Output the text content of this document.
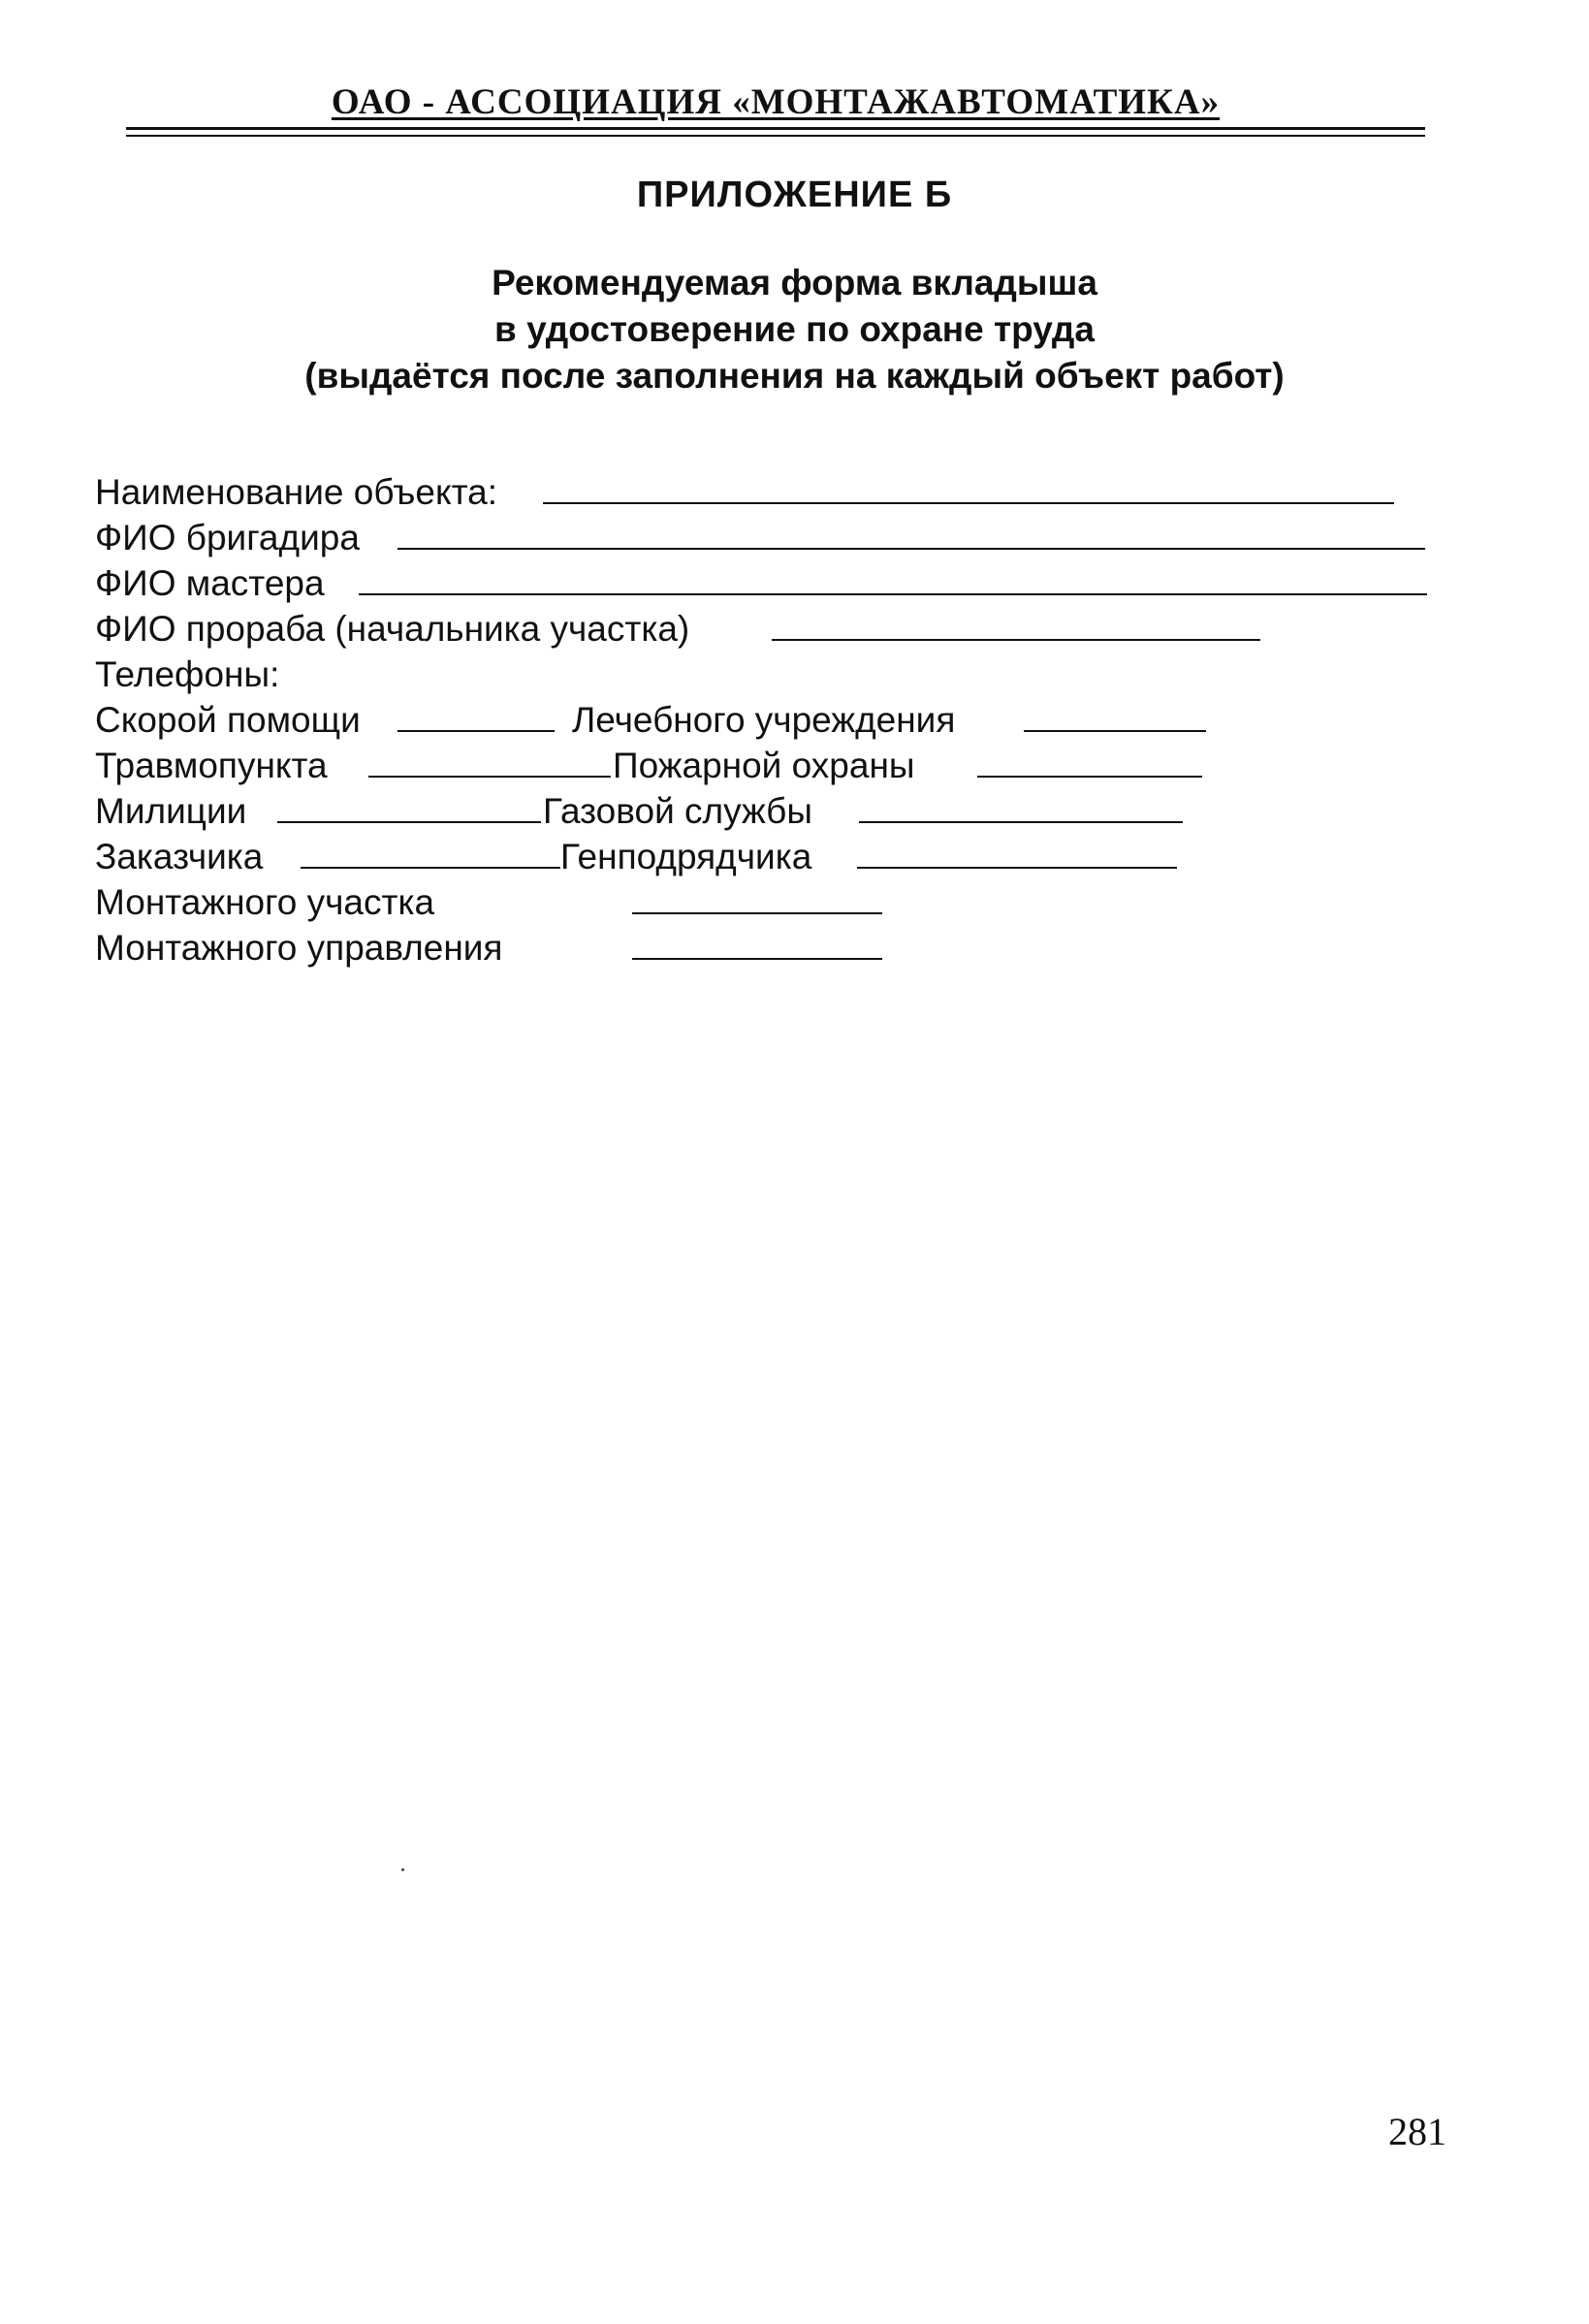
ОАО - АССОЦИАЦИЯ «МОНТАЖАВТОМАТИКА»
ПРИЛОЖЕНИЕ Б
Рекомендуемая форма вкладыша
в удостоверение по охране труда
(выдаётся после заполнения на каждый объект работ)
Наименование объекта:
ФИО бригадира
ФИО мастера
ФИО прораба (начальника участка)
Телефоны:
Скорой помощи	Лечебного учреждения
Травмопункта	Пожарной охраны
Милиции	Газовой службы
Заказчика	Генподрядчика
Монтажного участка
Монтажного управления
281
